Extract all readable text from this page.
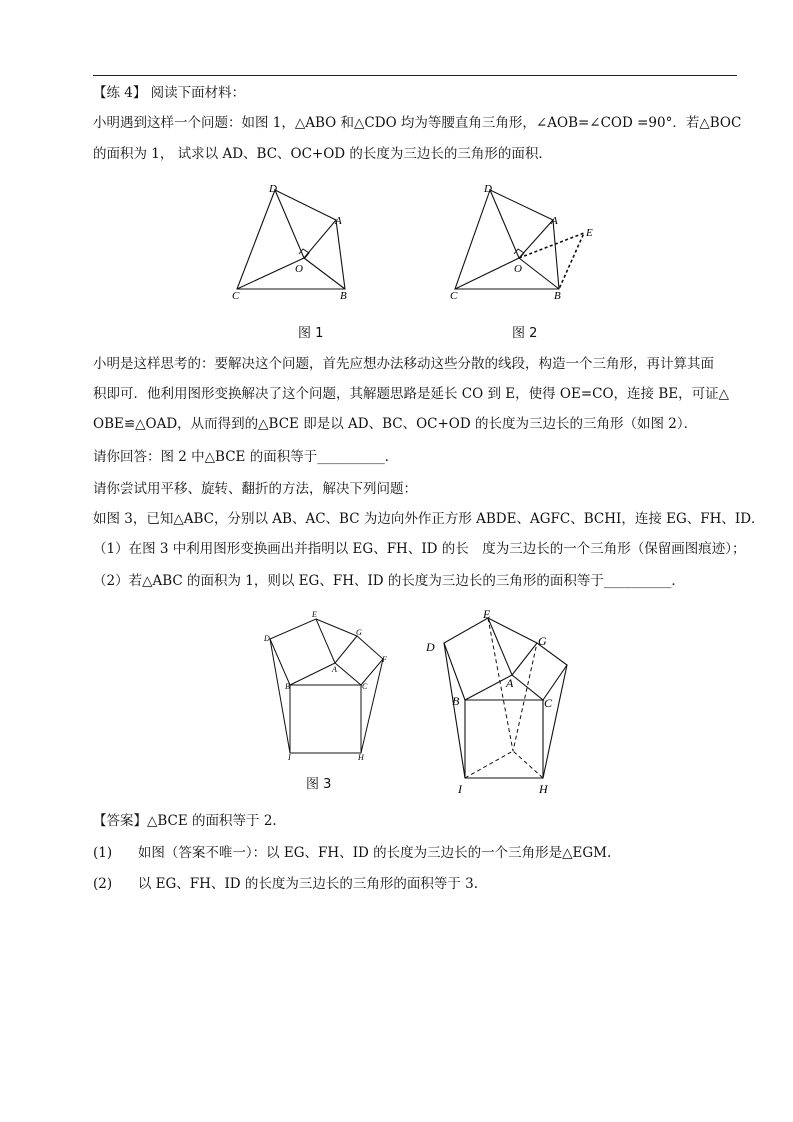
【练 4】 阅读下面材料：
小明遇到这样一个问题：如图 1，△ABO 和△CDO 均为等腰直角三角形，∠AOB=∠COD =90°．若△BOC
的面积为 1， 试求以 AD、BC、OC+OD 的长度为三边长的三角形的面积．
D
A
O
C	B
图 1
D
A
E
O
C	B
图 2
小明是这样思考的：要解决这个问题，首先应想办法移动这些分散的线段，构造一个三角形，再计算其面
积即可．他利用图形变换解决了这个问题，其解题思路是延长 CO 到 E，使得 OE=CO，连接 BE，可证△
OBE≌△OAD，从而得到的△BCE 即是以 AD、BC、OC+OD 的长度为三边长的三角形（如图 2）．
请你回答：图 2 中△BCE 的面积等于__________．
请你尝试用平移、旋转、翻折的方法，解决下列问题：
如图 3，已知△ABC，分别以 AB、AC、BC 为边向外作正方形 ABDE、AGFC、BCHI，连接 EG、FH、ID．
（1）在图 3 中利用图形变换画出并指明以 EG、FH、ID 的长　度为三边长的一个三角形（保留画图痕迹）；
（2）若△ABC 的面积为 1，则以 EG、FH、ID 的长度为三边长的三角形的面积等于__________．
E
D
G
F
A
B	C
I	H
图 3
E
D	G
A
B	C
I	H
【答案】△BCE 的面积等于 2.
(1)      如图（答案不唯一）：以 EG、FH、ID 的长度为三边长的一个三角形是△EGM.
(2)      以 EG、FH、ID 的长度为三边长的三角形的面积等于 3.
